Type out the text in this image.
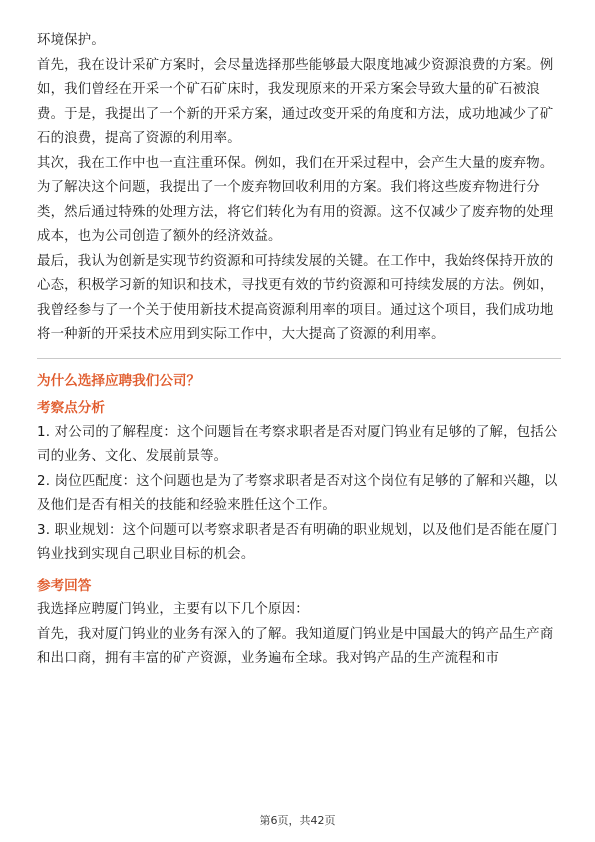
环境保护。

首先，我在设计采矿方案时，会尽量选择那些能够最大限度地减少资源浪费的方案。例如，我们曾经在开采一个矿石矿床时，我发现原来的开采方案会导致大量的矿石被浪费。于是，我提出了一个新的开采方案，通过改变开采的角度和方法，成功地减少了矿石的浪费，提高了资源的利用率。

其次，我在工作中也一直注重环保。例如，我们在开采过程中，会产生大量的废弃物。为了解决这个问题，我提出了一个废弃物回收利用的方案。我们将这些废弃物进行分类，然后通过特殊的处理方法，将它们转化为有用的资源。这不仅减少了废弃物的处理成本，也为公司创造了额外的经济效益。

最后，我认为创新是实现节约资源和可持续发展的关键。在工作中，我始终保持开放的心态，积极学习新的知识和技术，寻找更有效的节约资源和可持续发展的方法。例如，我曾经参与了一个关于使用新技术提高资源利用率的项目。通过这个项目，我们成功地将一种新的开采技术应用到实际工作中，大大提高了资源的利用率。

为什么选择应聘我们公司？
考察点分析

1. 对公司的了解程度：这个问题旨在考察求职者是否对厦门钨业有足够的了解，包括公司的业务、文化、发展前景等。

2. 岗位匹配度：这个问题也是为了考察求职者是否对这个岗位有足够的了解和兴趣，以及他们是否有相关的技能和经验来胜任这个工作。

3. 职业规划：这个问题可以考察求职者是否有明确的职业规划，以及他们是否能在厦门钨业找到实现自己职业目标的机会。

参考回答

我选择应聘厦门钨业，主要有以下几个原因：

首先，我对厦门钨业的业务有深入的了解。我知道厦门钨业是中国最大的钨产品生产商和出口商，拥有丰富的矿产资源，业务遍布全球。我对钨产品的生产流程和市

第6页，共42页
